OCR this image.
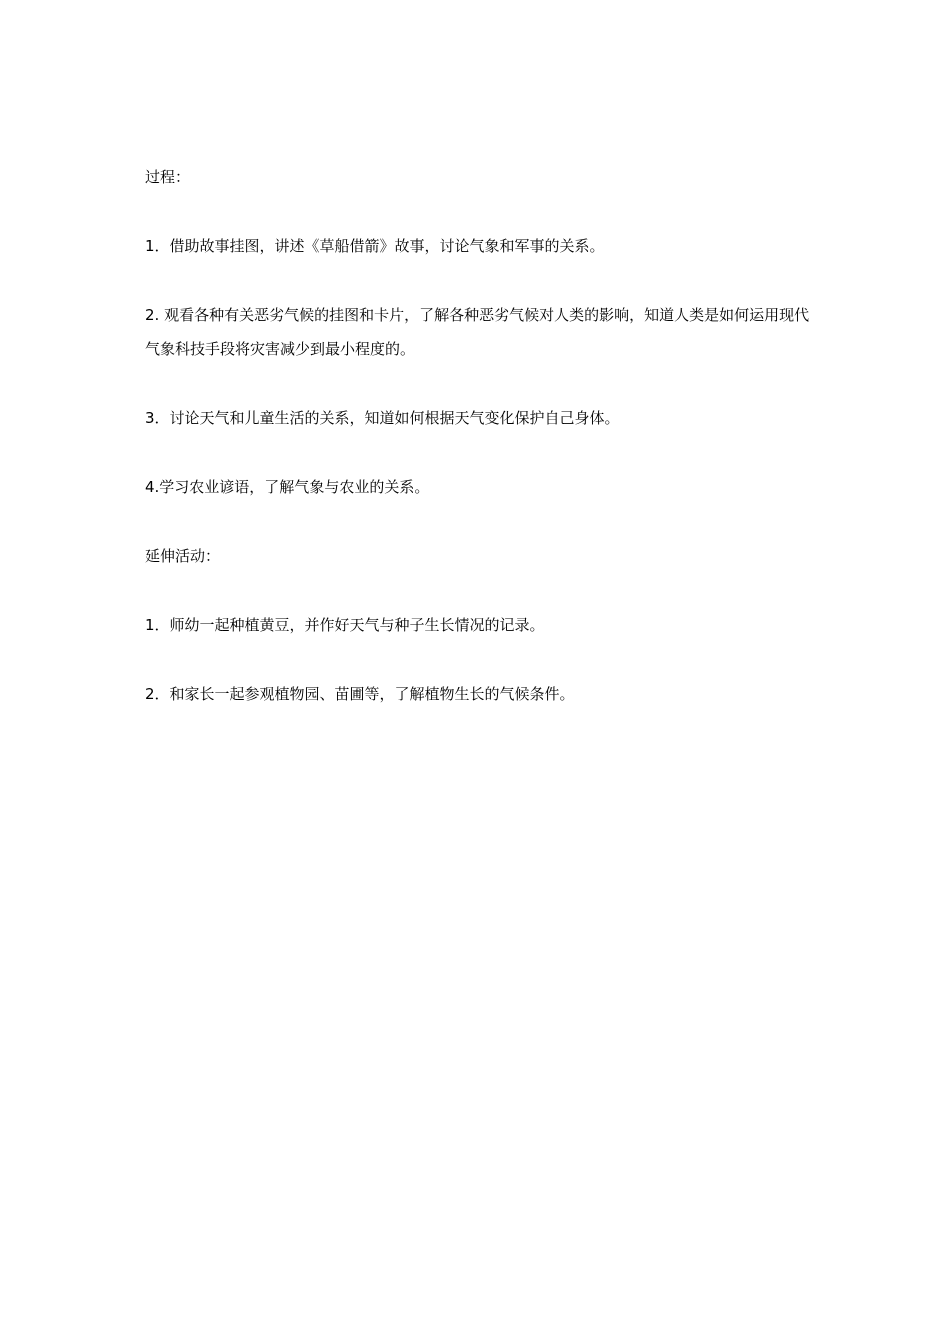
过程：

1．借助故事挂图，讲述《草船借箭》故事，讨论气象和军事的关系。

2. 观看各种有关恶劣气候的挂图和卡片，了解各种恶劣气候对人类的影响，知道人类是如何运用现代气象科技手段将灾害减少到最小程度的。

3．讨论天气和儿童生活的关系，知道如何根据天气变化保护自己身体。

4.学习农业谚语，了解气象与农业的关系。

延伸活动：

1．师幼一起种植黄豆，并作好天气与种子生长情况的记录。

2．和家长一起参观植物园、苗圃等，了解植物生长的气候条件。
